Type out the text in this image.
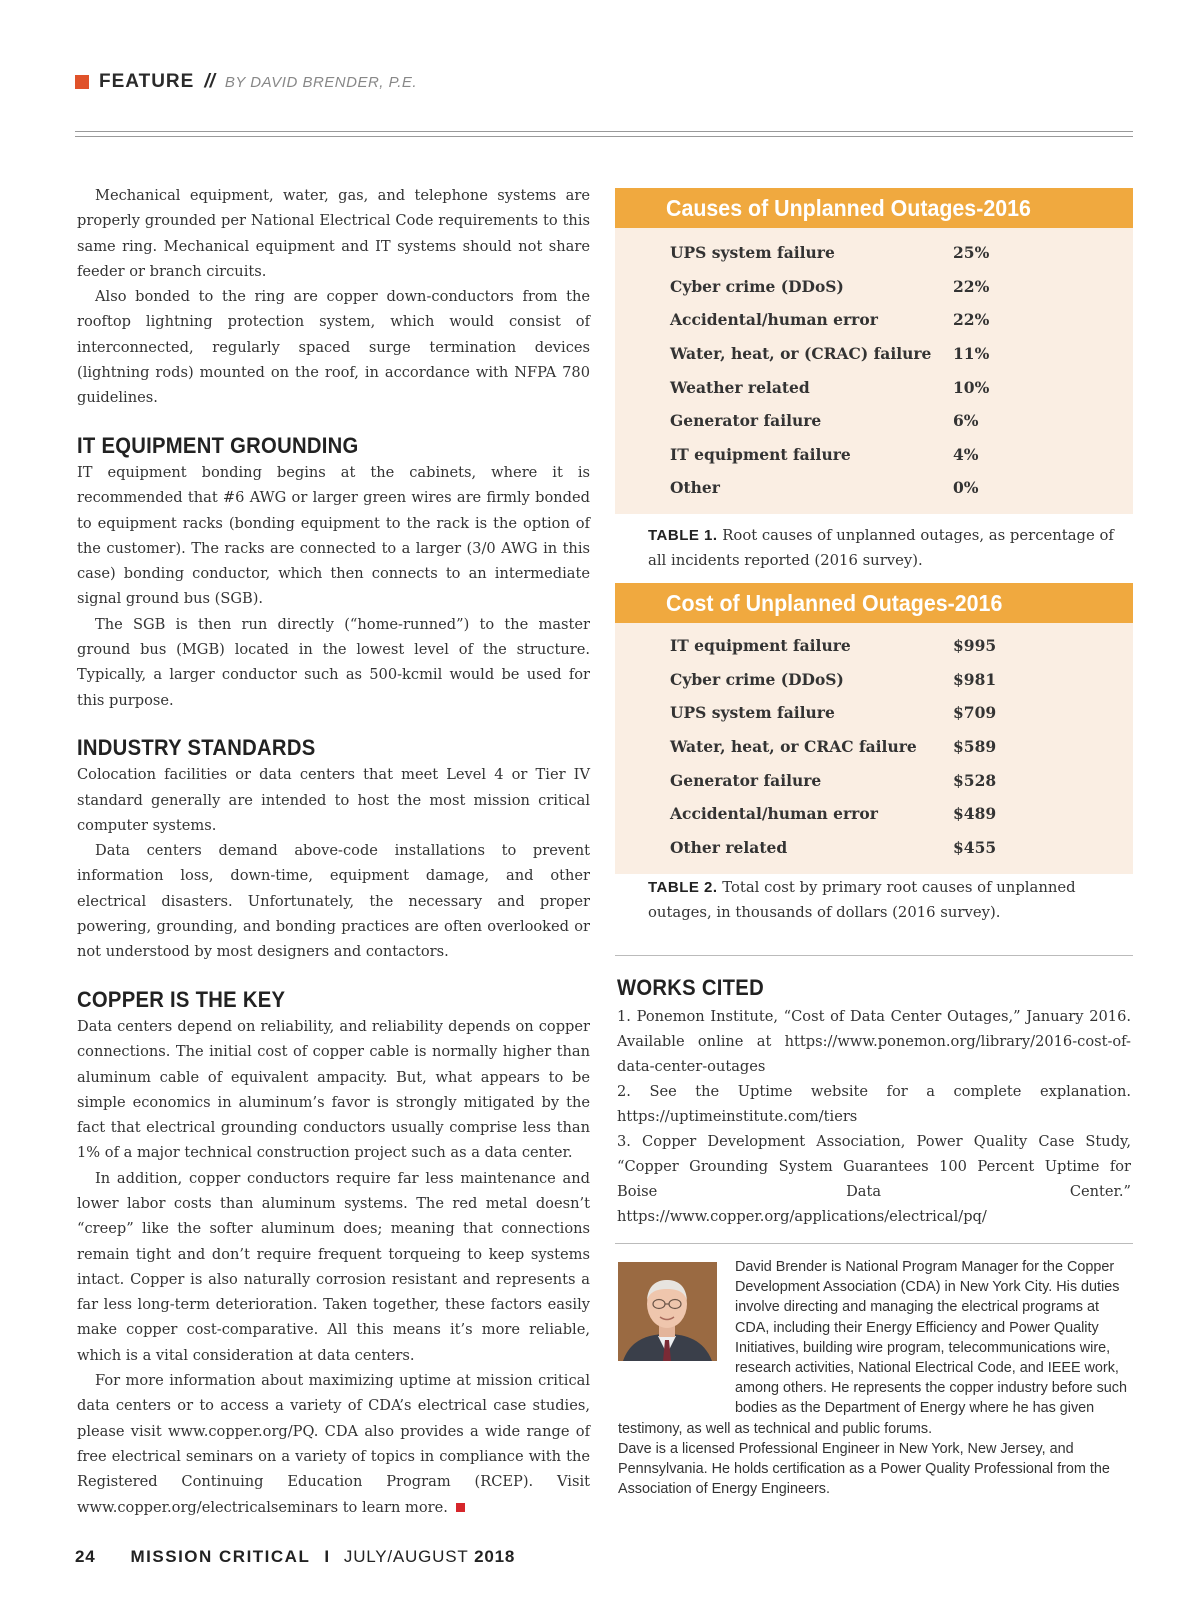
FEATURE // BY DAVID BRENDER, P.E.

Mechanical equipment, water, gas, and telephone systems are properly grounded per National Electrical Code requirements to this same ring. Mechanical equipment and IT systems should not share feeder or branch circuits.

Also bonded to the ring are copper down-conductors from the rooftop lightning protection system, which would consist of interconnected, regularly spaced surge termination devices (lightning rods) mounted on the roof, in accordance with NFPA 780 guidelines.

IT EQUIPMENT GROUNDING

IT equipment bonding begins at the cabinets, where it is recommended that #6 AWG or larger green wires are firmly bonded to equipment racks (bonding equipment to the rack is the option of the customer). The racks are connected to a larger (3/0 AWG in this case) bonding conductor, which then connects to an intermediate signal ground bus (SGB).

The SGB is then run directly (“home-runned”) to the master ground bus (MGB) located in the lowest level of the structure. Typically, a larger conductor such as 500-kcmil would be used for this purpose.

INDUSTRY STANDARDS

Colocation facilities or data centers that meet Level 4 or Tier IV standard generally are intended to host the most mission critical computer systems.

Data centers demand above-code installations to prevent information loss, down-time, equipment damage, and other electrical disasters. Unfortunately, the necessary and proper powering, grounding, and bonding practices are often overlooked or not understood by most designers and contactors.

COPPER IS THE KEY

Data centers depend on reliability, and reliability depends on copper connections. The initial cost of copper cable is normally higher than aluminum cable of equivalent ampacity. But, what appears to be simple economics in aluminum’s favor is strongly mitigated by the fact that electrical grounding conductors usually comprise less than 1% of a major technical construction project such as a data center.

In addition, copper conductors require far less maintenance and lower labor costs than aluminum systems. The red metal doesn’t “creep” like the softer aluminum does; meaning that connections remain tight and don’t require frequent torqueing to keep systems intact. Copper is also naturally corrosion resistant and represents a far less long-term deterioration. Taken together, these factors easily make copper cost-comparative. All this means it’s more reliable, which is a vital consideration at data centers.

For more information about maximizing uptime at mission critical data centers or to access a variety of CDA’s electrical case studies, please visit www.copper.org/PQ. CDA also provides a wide range of free electrical seminars on a variety of topics in compliance with the Registered Continuing Education Program (RCEP). Visit www.copper.org/electricalseminars to learn more.

Causes of Unplanned Outages-2016
UPS system failure	25%
Cyber crime (DDoS)	22%
Accidental/human error	22%
Water, heat, or (CRAC) failure	11%
Weather related	10%
Generator failure	6%
IT equipment failure	4%
Other	0%
TABLE 1. Root causes of unplanned outages, as percentage of all incidents reported (2016 survey).
Cost of Unplanned Outages-2016
IT equipment failure	$995
Cyber crime (DDoS)	$981
UPS system failure	$709
Water, heat, or CRAC failure	$589
Generator failure	$528
Accidental/human error	$489
Other related	$455
TABLE 2. Total cost by primary root causes of unplanned outages, in thousands of dollars (2016 survey).
WORKS CITED

1. Ponemon Institute, “Cost of Data Center Outages,” January 2016. Available online at https://www.ponemon.org/library/2016-cost-of-data-center-outages

2. See the Uptime website for a complete explanation. https://uptimeinstitute.com/tiers

3. Copper Development Association, Power Quality Case Study, “Copper Grounding System Guarantees 100 Percent Uptime for Boise Data Center.” https://www.copper.org/applications/electrical/pq/

David Brender is National Program Manager for the Copper Development Association (CDA) in New York City. His duties involve directing and managing the electrical programs at CDA, including their Energy Efficiency and Power Quality Initiatives, building wire program, telecommunications wire, research activities, National Electrical Code, and IEEE work, among others. He represents the copper industry before such bodies as the Department of Energy where he has given testimony, as well as technical and public forums.

Dave is a licensed Professional Engineer in New York, New Jersey, and Pennsylvania. He holds certification as a Power Quality Professional from the Association of Energy Engineers.

24 MISSION CRITICAL I JULY/AUGUST
2018
